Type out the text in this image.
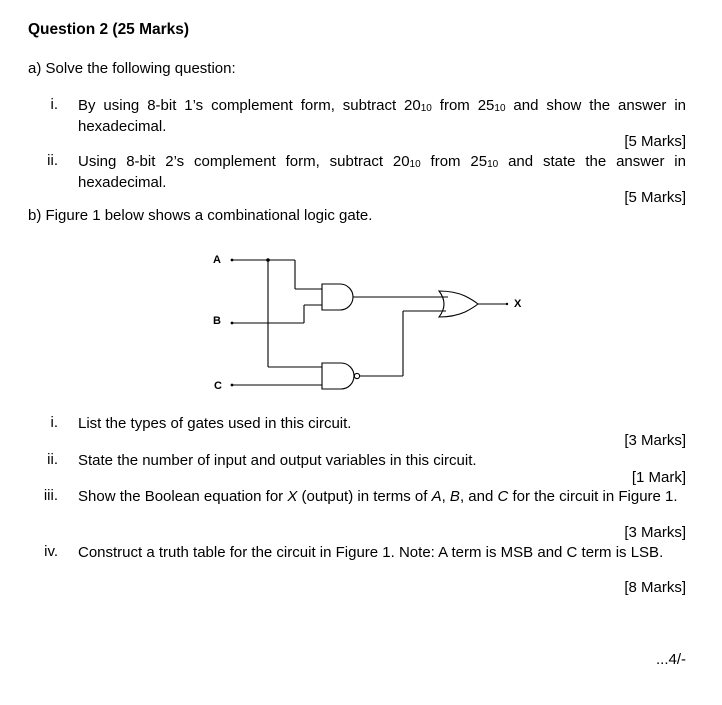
Question 2 (25 Marks)
a) Solve the following question:
i. By using 8-bit 1’s complement form, subtract $20_{10}$ from $25_{10}$ and show the answer in hexadecimal.
[5 Marks]
ii. Using 8-bit 2’s complement form, subtract $20_{10}$ from $25_{10}$ and state the answer in hexadecimal.
[5 Marks]
b) Figure 1 below shows a combinational logic gate.
A
B
C
X
i. List the types of gates used in this circuit.
[3 Marks]
ii. State the number of input and output variables in this circuit.
[1 Mark]
iii. Show the Boolean equation for X (output) in terms of A, B, and C for the circuit in Figure 1.
[3 Marks]
iv. Construct a truth table for the circuit in Figure 1. Note: A term is MSB and C term is LSB.
[8 Marks]
...4/-
